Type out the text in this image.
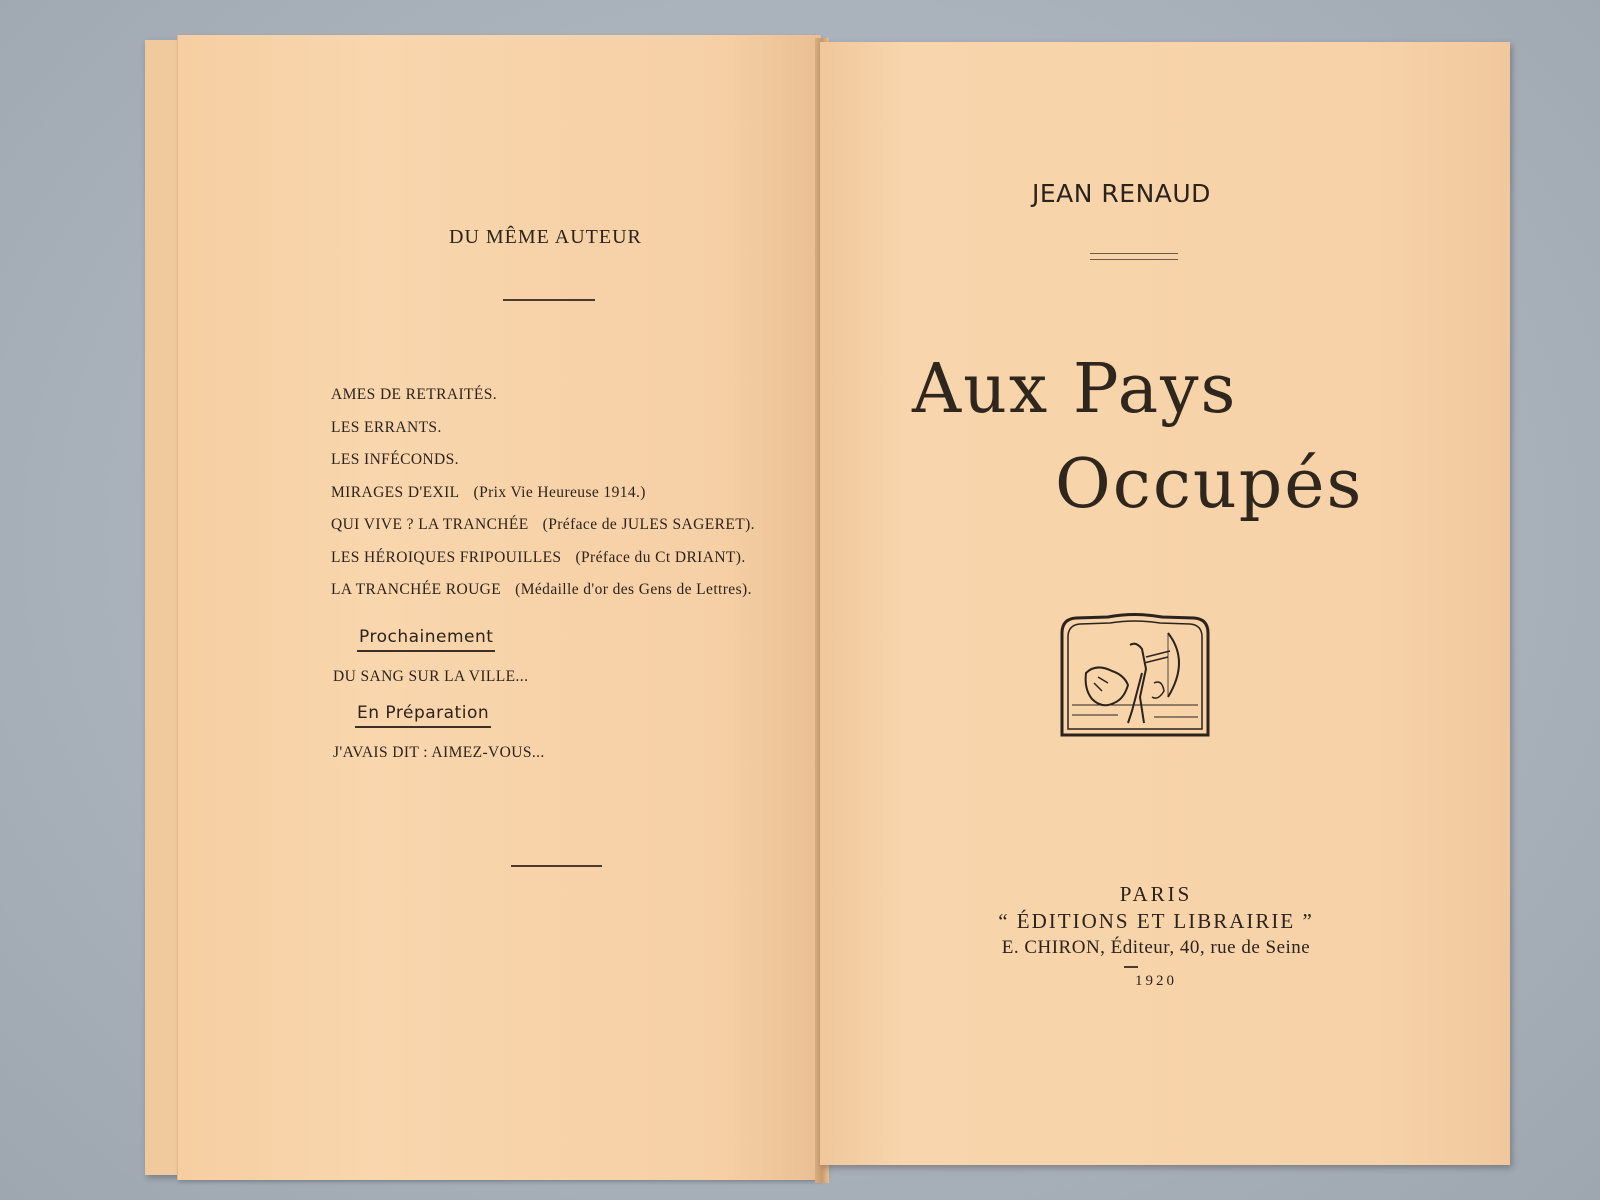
DU MÊME AUTEUR
AMES DE RETRAITÉS.
LES ERRANTS.
LES INFÉCONDS.
MIRAGES D'EXIL (Prix Vie Heureuse 1914.)
QUI VIVE ? LA TRANCHÉE (Préface de JULES SAGERET).
LES HÉROIQUES FRIPOUILLES (Préface du Ct DRIANT).
LA TRANCHÉE ROUGE (Médaille d'or des Gens de Lettres).
Prochainement
DU SANG SUR LA VILLE...
En Préparation
J'AVAIS DIT : AIMEZ-VOUS...
JEAN RENAUD
Aux Pays
Occupés
PARIS
“ ÉDITIONS ET LIBRAIRIE ”
E. CHIRON, Éditeur, 40, rue de Seine
1920
